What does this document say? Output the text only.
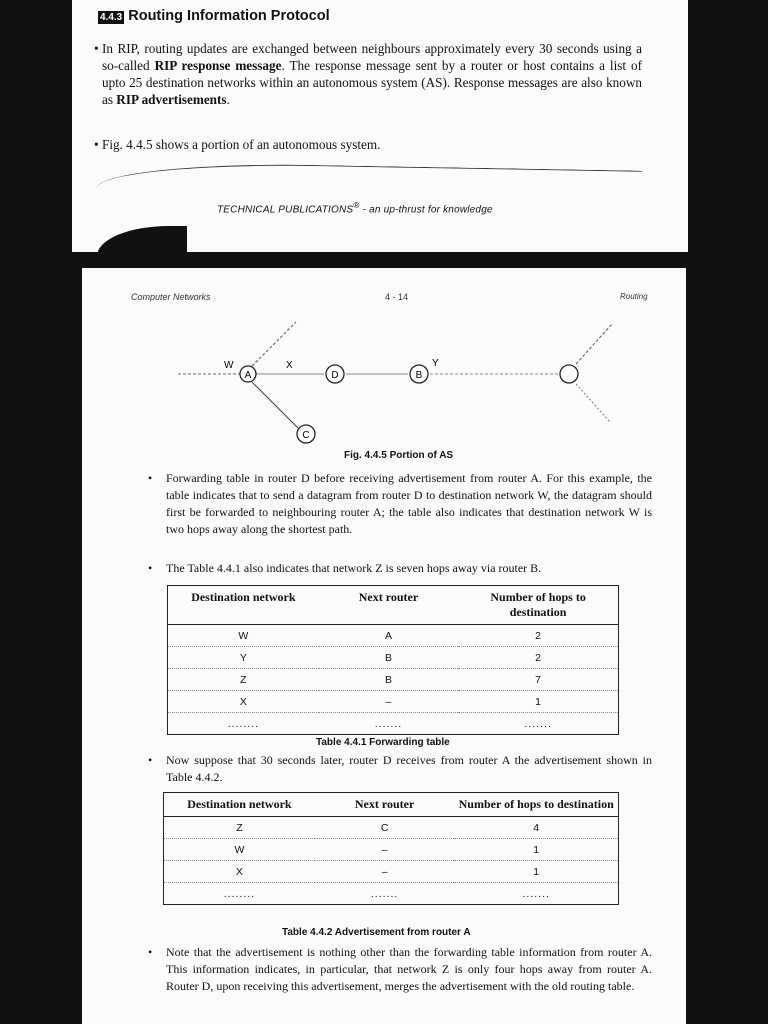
4.4.3 Routing Information Protocol
• In RIP, routing updates are exchanged between neighbours approximately every 30 seconds using a so-called RIP response message. The response message sent by a router or host contains a list of upto 25 destination networks within an autonomous system (AS). Response messages are also known as RIP advertisements.
• Fig. 4.4.5 shows a portion of an autonomous system.
TECHNICAL PUBLICATIONS® - an up-thrust for knowledge
Computer Networks	4 - 14	Routing
A	D	B
C
W	X	Y
Fig. 4.4.5 Portion of AS
• Forwarding table in router D before receiving advertisement from router A. For this example, the table indicates that to send a datagram from router D to destination network W, the datagram should first be forwarded to neighbouring router A; the table also indicates that destination network W is two hops away along the shortest path.
• The Table 4.4.1 also indicates that network Z is seven hops away via router B.
Destination network	Next router	Number of hops to destination
W	A	2
Y	B	2
Z	B	7
X	–	1
........	.......	.......
Table 4.4.1 Forwarding table
• Now suppose that 30 seconds later, router D receives from router A the advertisement shown in Table 4.4.2.
Destination network	Next router	Number of hops to destination
Z	C	4
W	–	1
X	–	1
........	.......	.......
Table 4.4.2 Advertisement from router A
• Note that the advertisement is nothing other than the forwarding table information from router A. This information indicates, in particular, that network Z is only four hops away from router A. Router D, upon receiving this advertisement, merges the advertisement with the old routing table.
